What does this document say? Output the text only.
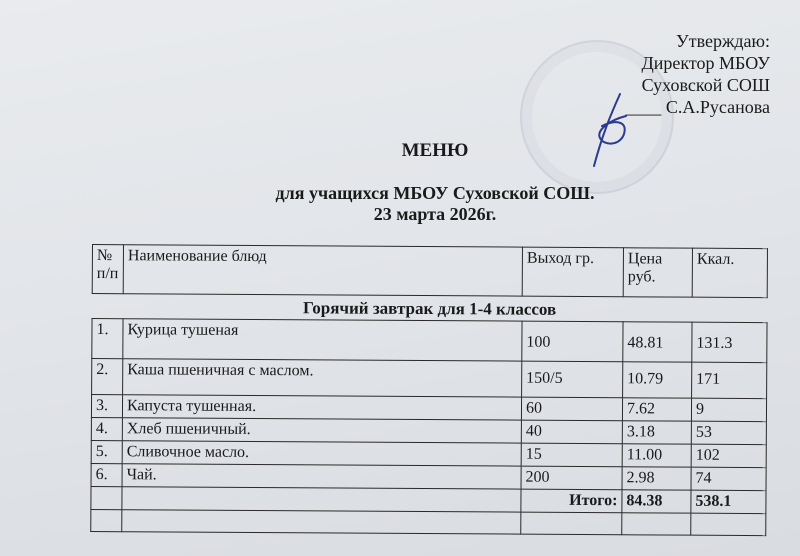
Утверждаю:
Директор МБОУ
Суховской СОШ
____ С.А.Русанова
МЕНЮ
для учащихся МБОУ Суховской СОШ.
23 марта 2026г.
№ п/п	Наименование блюд	Выход гр.	Цена руб.	Ккал.
Горячий завтрак для 1-4 классов				
1.	Курица тушеная	100	48.81	131.3
2.	Каша пшеничная с маслом.	150/5	10.79	171
3.	Капуста тушенная.	60	7.62	9
4.	Хлеб пшеничный.	40	3.18	53
5.	Сливочное масло.	15	11.00	102
6.	Чай.	200	2.98	74
		Итого:	84.38	538.1
